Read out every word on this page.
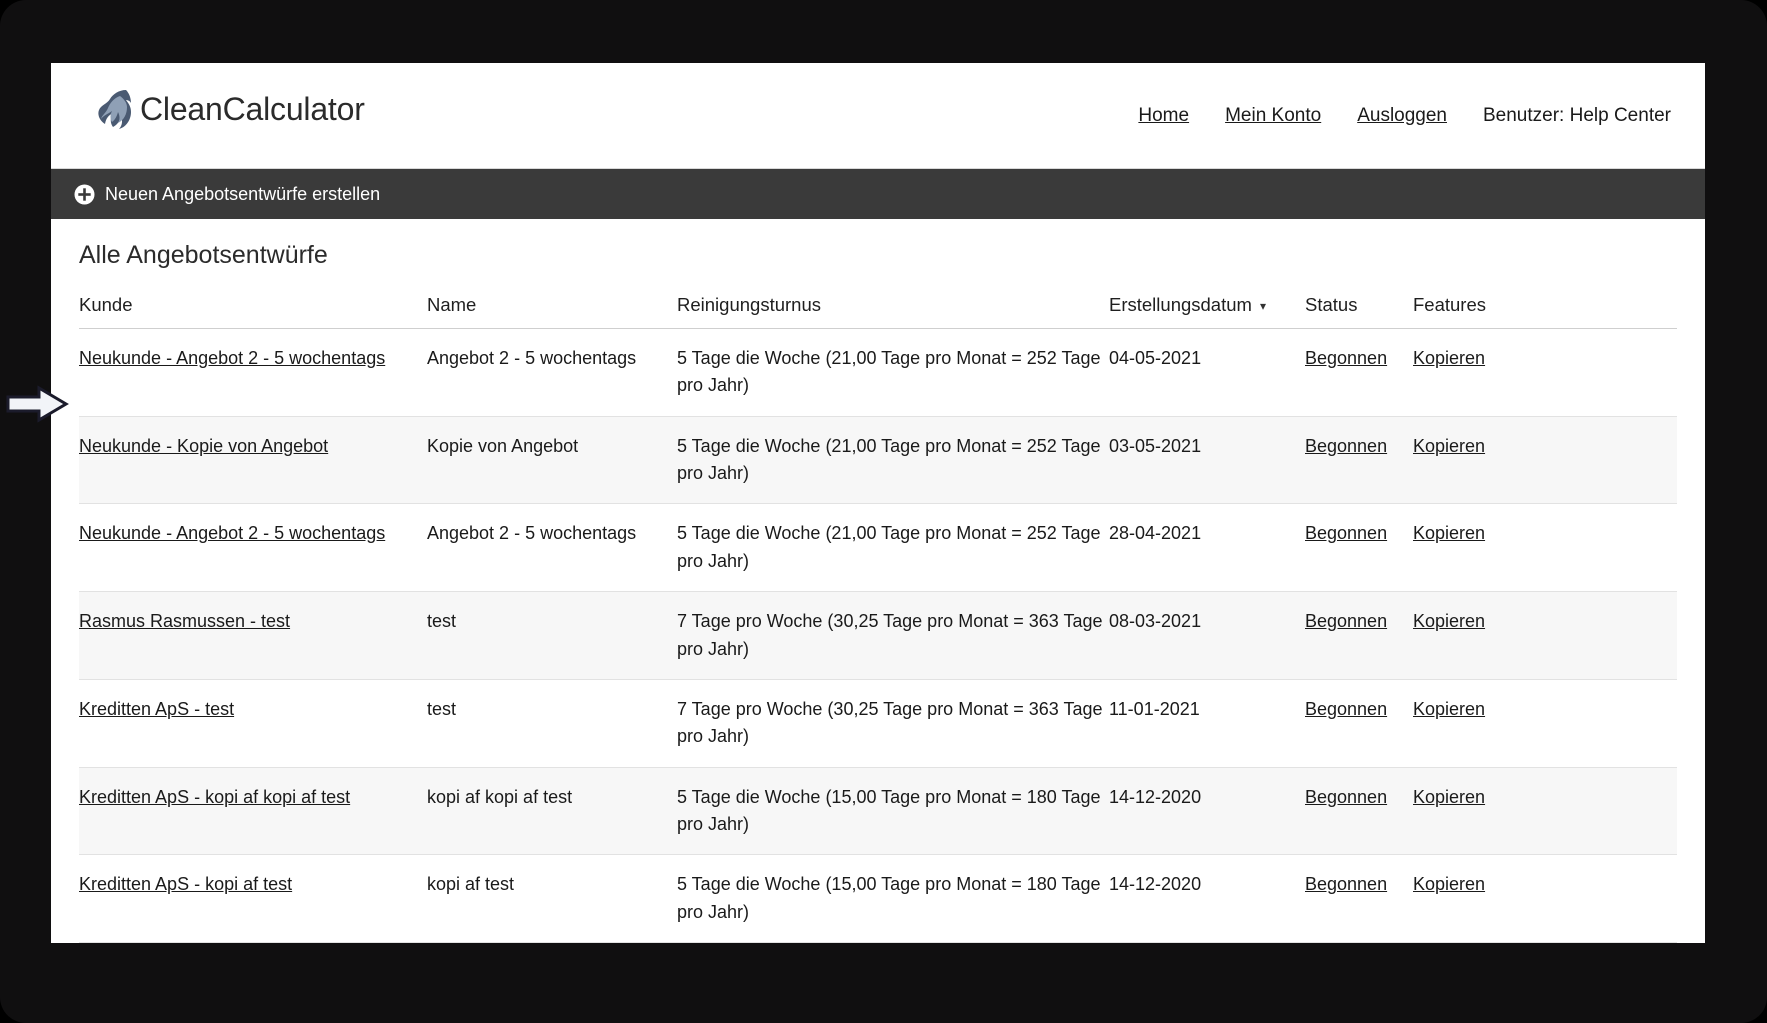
CleanCalculator	Home Mein Konto Ausloggen Benutzer: Help Center
Neuen Angebotsentwürfe erstellen
Alle Angebotsentwürfe
Kunde	Name	Reinigungsturnus	Erstellungsdatum ▾	Status	Features
Neukunde - Angebot 2 - 5 wochentags	Angebot 2 - 5 wochentags	5 Tage die Woche (21,00 Tage pro Monat = 252 Tage pro Jahr)	04-05-2021	Begonnen	Kopieren
Neukunde - Kopie von Angebot	Kopie von Angebot	5 Tage die Woche (21,00 Tage pro Monat = 252 Tage pro Jahr)	03-05-2021	Begonnen	Kopieren
Neukunde - Angebot 2 - 5 wochentags	Angebot 2 - 5 wochentags	5 Tage die Woche (21,00 Tage pro Monat = 252 Tage pro Jahr)	28-04-2021	Begonnen	Kopieren
Rasmus Rasmussen - test	test	7 Tage pro Woche (30,25 Tage pro Monat = 363 Tage pro Jahr)	08-03-2021	Begonnen	Kopieren
Kreditten ApS - test	test	7 Tage pro Woche (30,25 Tage pro Monat = 363 Tage pro Jahr)	11-01-2021	Begonnen	Kopieren
Kreditten ApS - kopi af kopi af test	kopi af kopi af test	5 Tage die Woche (15,00 Tage pro Monat = 180 Tage pro Jahr)	14-12-2020	Begonnen	Kopieren
Kreditten ApS - kopi af test	kopi af test	5 Tage die Woche (15,00 Tage pro Monat = 180 Tage pro Jahr)	14-12-2020	Begonnen	Kopieren
